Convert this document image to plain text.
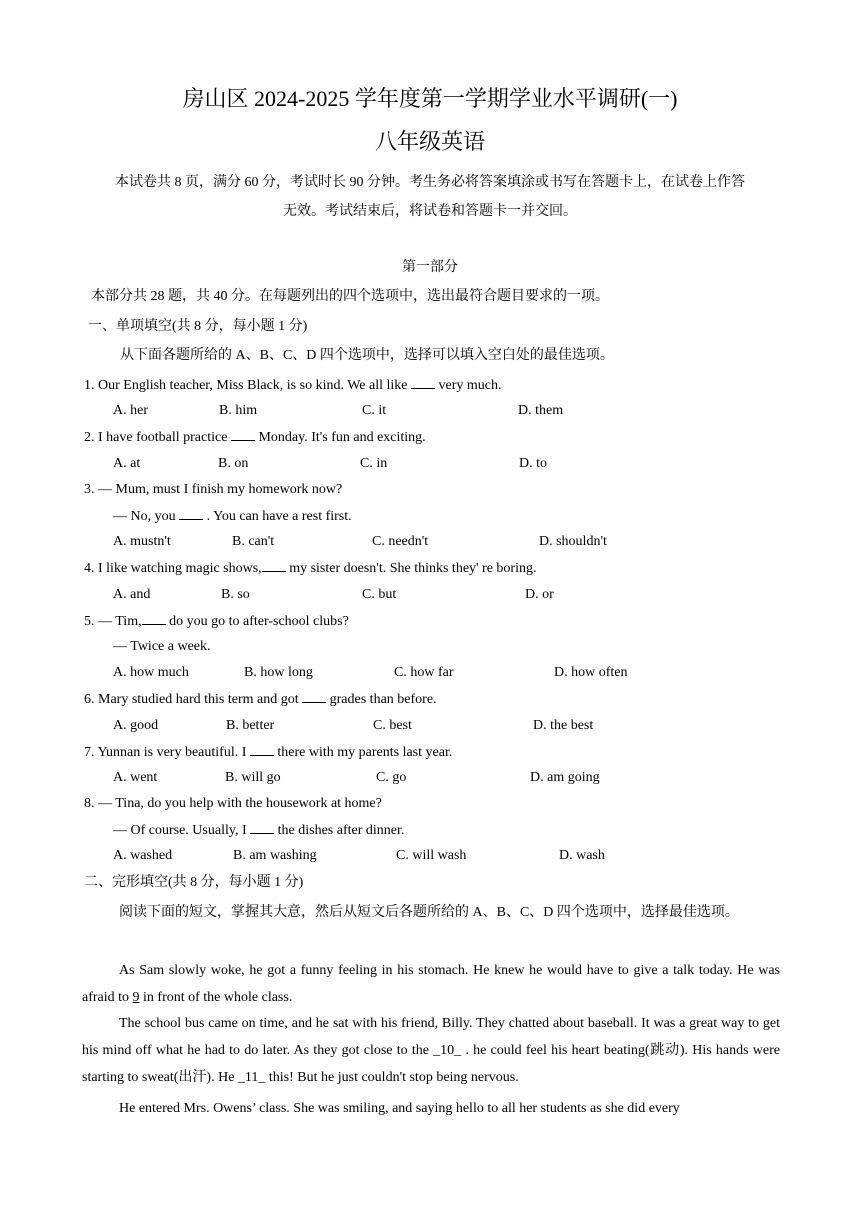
房山区 2024-2025 学年度第一学期学业水平调研(一)
八年级英语
本试卷共 8 页，满分 60 分，考试时长 90 分钟。考生务必将答案填涂或书写在答题卡上，在试卷上作答
无效。考试结束后，将试卷和答题卡一并交回。
第一部分
本部分共 28 题，共 40 分。在每题列出的四个选项中，选出最符合题目要求的一项。
一、单项填空(共 8 分，每小题 1 分)
从下面各题所给的 A、B、C、D 四个选项中，选择可以填入空白处的最佳选项。
1. Our English teacher, Miss Black, is so kind. We all like  very much.
A. her	B. him	C. it	D. them
2. I have football practice  Monday. It's fun and exciting.
A. at	B. on	C. in	D. to
3. — Mum, must I finish my homework now?
— No, you  . You can have a rest first.
A. mustn't	B. can't	C. needn't	D. shouldn't
4. I like watching magic shows, my sister doesn't. She thinks they' re boring.
A. and	B. so	C. but	D. or
5. — Tim, do you go to after-school clubs?
— Twice a week.
A. how much	B. how long	C. how far	D. how often
6. Mary studied hard this term and got  grades than before.
A. good	B. better	C. best	D. the best
7. Yunnan is very beautiful. I  there with my parents last year.
A. went	B. will go	C. go	D. am going
8. — Tina, do you help with the housework at home?
— Of course. Usually, I  the dishes after dinner.
A. washed	B. am washing	C. will wash	D. wash
二、完形填空(共 8 分，每小题 1 分)
阅读下面的短文，掌握其大意，然后从短文后各题所给的 A、B、C、D 四个选项中，选择最佳选项。
As Sam slowly woke, he got a funny feeling in his stomach. He knew he would have to give a talk today. He was afraid to 9 in front of the whole class.
The school bus came on time, and he sat with his friend, Billy. They chatted about baseball. It was a great way to get his mind off what he had to do later. As they got close to the _10_ . he could feel his heart beating(跳动). His hands were starting to sweat(出汗). He _11_ this! But he just couldn't stop being nervous.
He entered Mrs. Owens’ class. She was smiling, and saying hello to all her students as she did every
